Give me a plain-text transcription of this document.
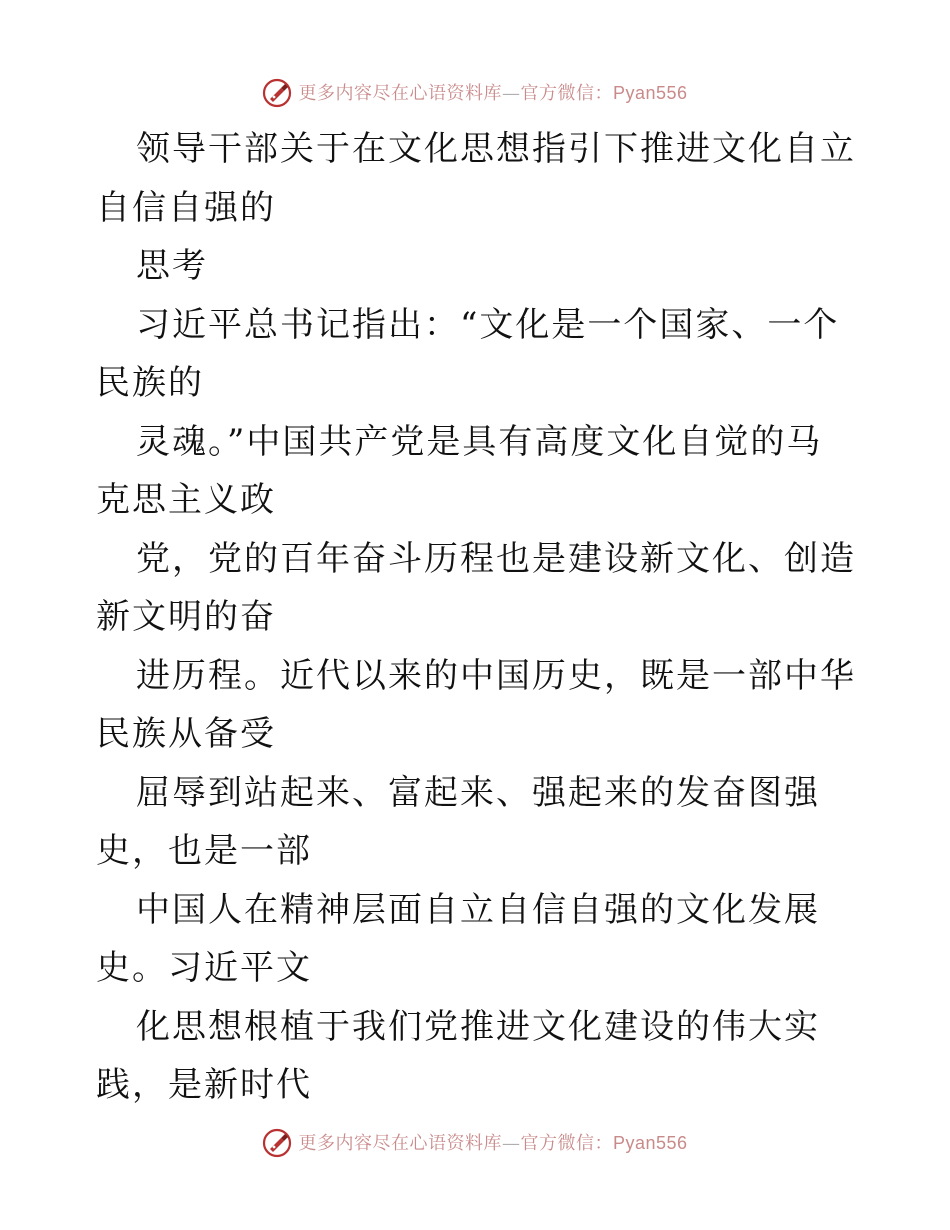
更多内容尽在心语资料库—官方微信：Pyan556

领导干部关于在文化思想指引下推进文化自立自信自强的

思考

习近平总书记指出：“文化是一个国家、一个民族的

灵魂。”中国共产党是具有高度文化自觉的马克思主义政

党，党的百年奋斗历程也是建设新文化、创造新文明的奋

进历程。近代以来的中国历史，既是一部中华民族从备受

屈辱到站起来、富起来、强起来的发奋图强史，也是一部

中国人在精神层面自立自信自强的文化发展史。习近平文

化思想根植于我们党推进文化建设的伟大实践，是新时代

更多内容尽在心语资料库—官方微信：Pyan556
